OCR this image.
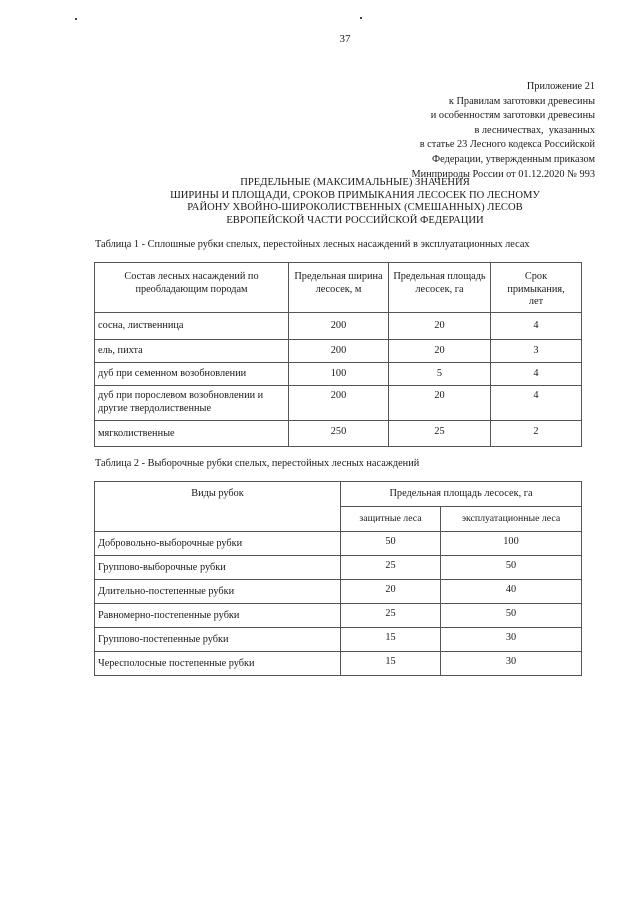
37
Приложение 21
к Правилам заготовки древесины
и особенностям заготовки древесины
в лесничествах,  указанных
в статье 23 Лесного кодекса Российской
Федерации, утвержденным приказом
Минприроды России от 01.12.2020 № 993
ПРЕДЕЛЬНЫЕ (МАКСИМАЛЬНЫЕ) ЗНАЧЕНИЯ
ШИРИНЫ И ПЛОЩАДИ, СРОКОВ ПРИМЫКАНИЯ ЛЕСОСЕК ПО ЛЕСНОМУ
РАЙОНУ ХВОЙНО-ШИРОКОЛИСТВЕННЫХ (СМЕШАННЫХ) ЛЕСОВ
ЕВРОПЕЙСКОЙ ЧАСТИ РОССИЙСКОЙ ФЕДЕРАЦИИ
Таблица 1 - Сплошные рубки спелых, перестойных лесных насаждений в эксплуатационных лесах
Состав лесных насаждений по преобладающим породам	Предельная ширина лесосек, м	Предельная площадь лесосек, га	Срок примыкания, лет
сосна, лиственница	200	20	4
ель, пихта	200	20	3
дуб при семенном возобновлении	100	5	4
дуб при порослевом возобновлении и другие твердолиственные	200	20	4
мягколиственные	250	25	2
Таблица 2 - Выборочные рубки спелых, перестойных лесных насаждений
Виды рубок	Предельная площадь лесосек, га	
	защитные леса	эксплуатационные леса
Добровольно-выборочные рубки	50	100
Группово-выборочные рубки	25	50
Длительно-постепенные рубки	20	40
Равномерно-постепенные рубки	25	50
Группово-постепенные рубки	15	30
Чересполосные постепенные рубки	15	30
